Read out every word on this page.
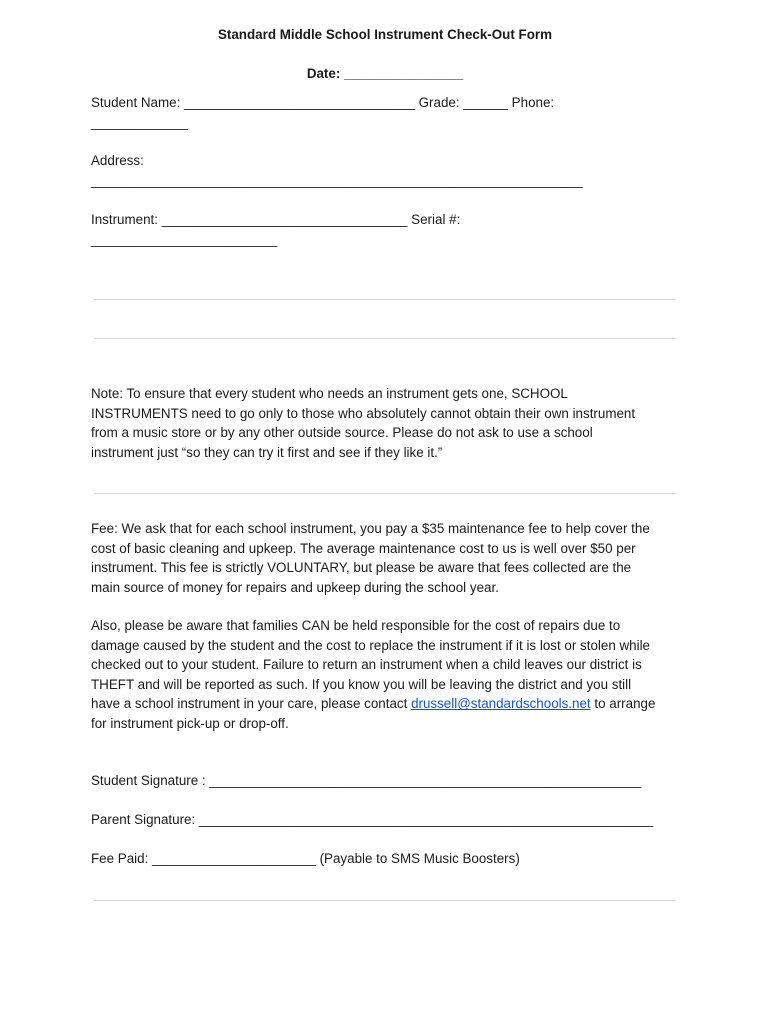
Standard Middle School Instrument Check-Out Form
Date: ________________
Student Name: _______________________________ Grade: ______ Phone:
_____________
Address:
__________________________________________________________________
Instrument: _________________________________ Serial #:
_________________________
Note: To ensure that every student who needs an instrument gets one, SCHOOL
INSTRUMENTS need to go only to those who absolutely cannot obtain their own instrument
from a music store or by any other outside source. Please do not ask to use a school
instrument just “so they can try it first and see if they like it.”
Fee: We ask that for each school instrument, you pay a $35 maintenance fee to help cover the
cost of basic cleaning and upkeep. The average maintenance cost to us is well over $50 per
instrument. This fee is strictly VOLUNTARY, but please be aware that fees collected are the
main source of money for repairs and upkeep during the school year.
Also, please be aware that families CAN be held responsible for the cost of repairs due to
damage caused by the student and the cost to replace the instrument if it is lost or stolen while
checked out to your student. Failure to return an instrument when a child leaves our district is
THEFT and will be reported as such. If you know you will be leaving the district and you still
have a school instrument in your care, please contact drussell@standardschools.net to arrange
for instrument pick-up or drop-off.
Student Signature : __________________________________________________________
Parent Signature: _____________________________________________________________
Fee Paid: ______________________ (Payable to SMS Music Boosters)
